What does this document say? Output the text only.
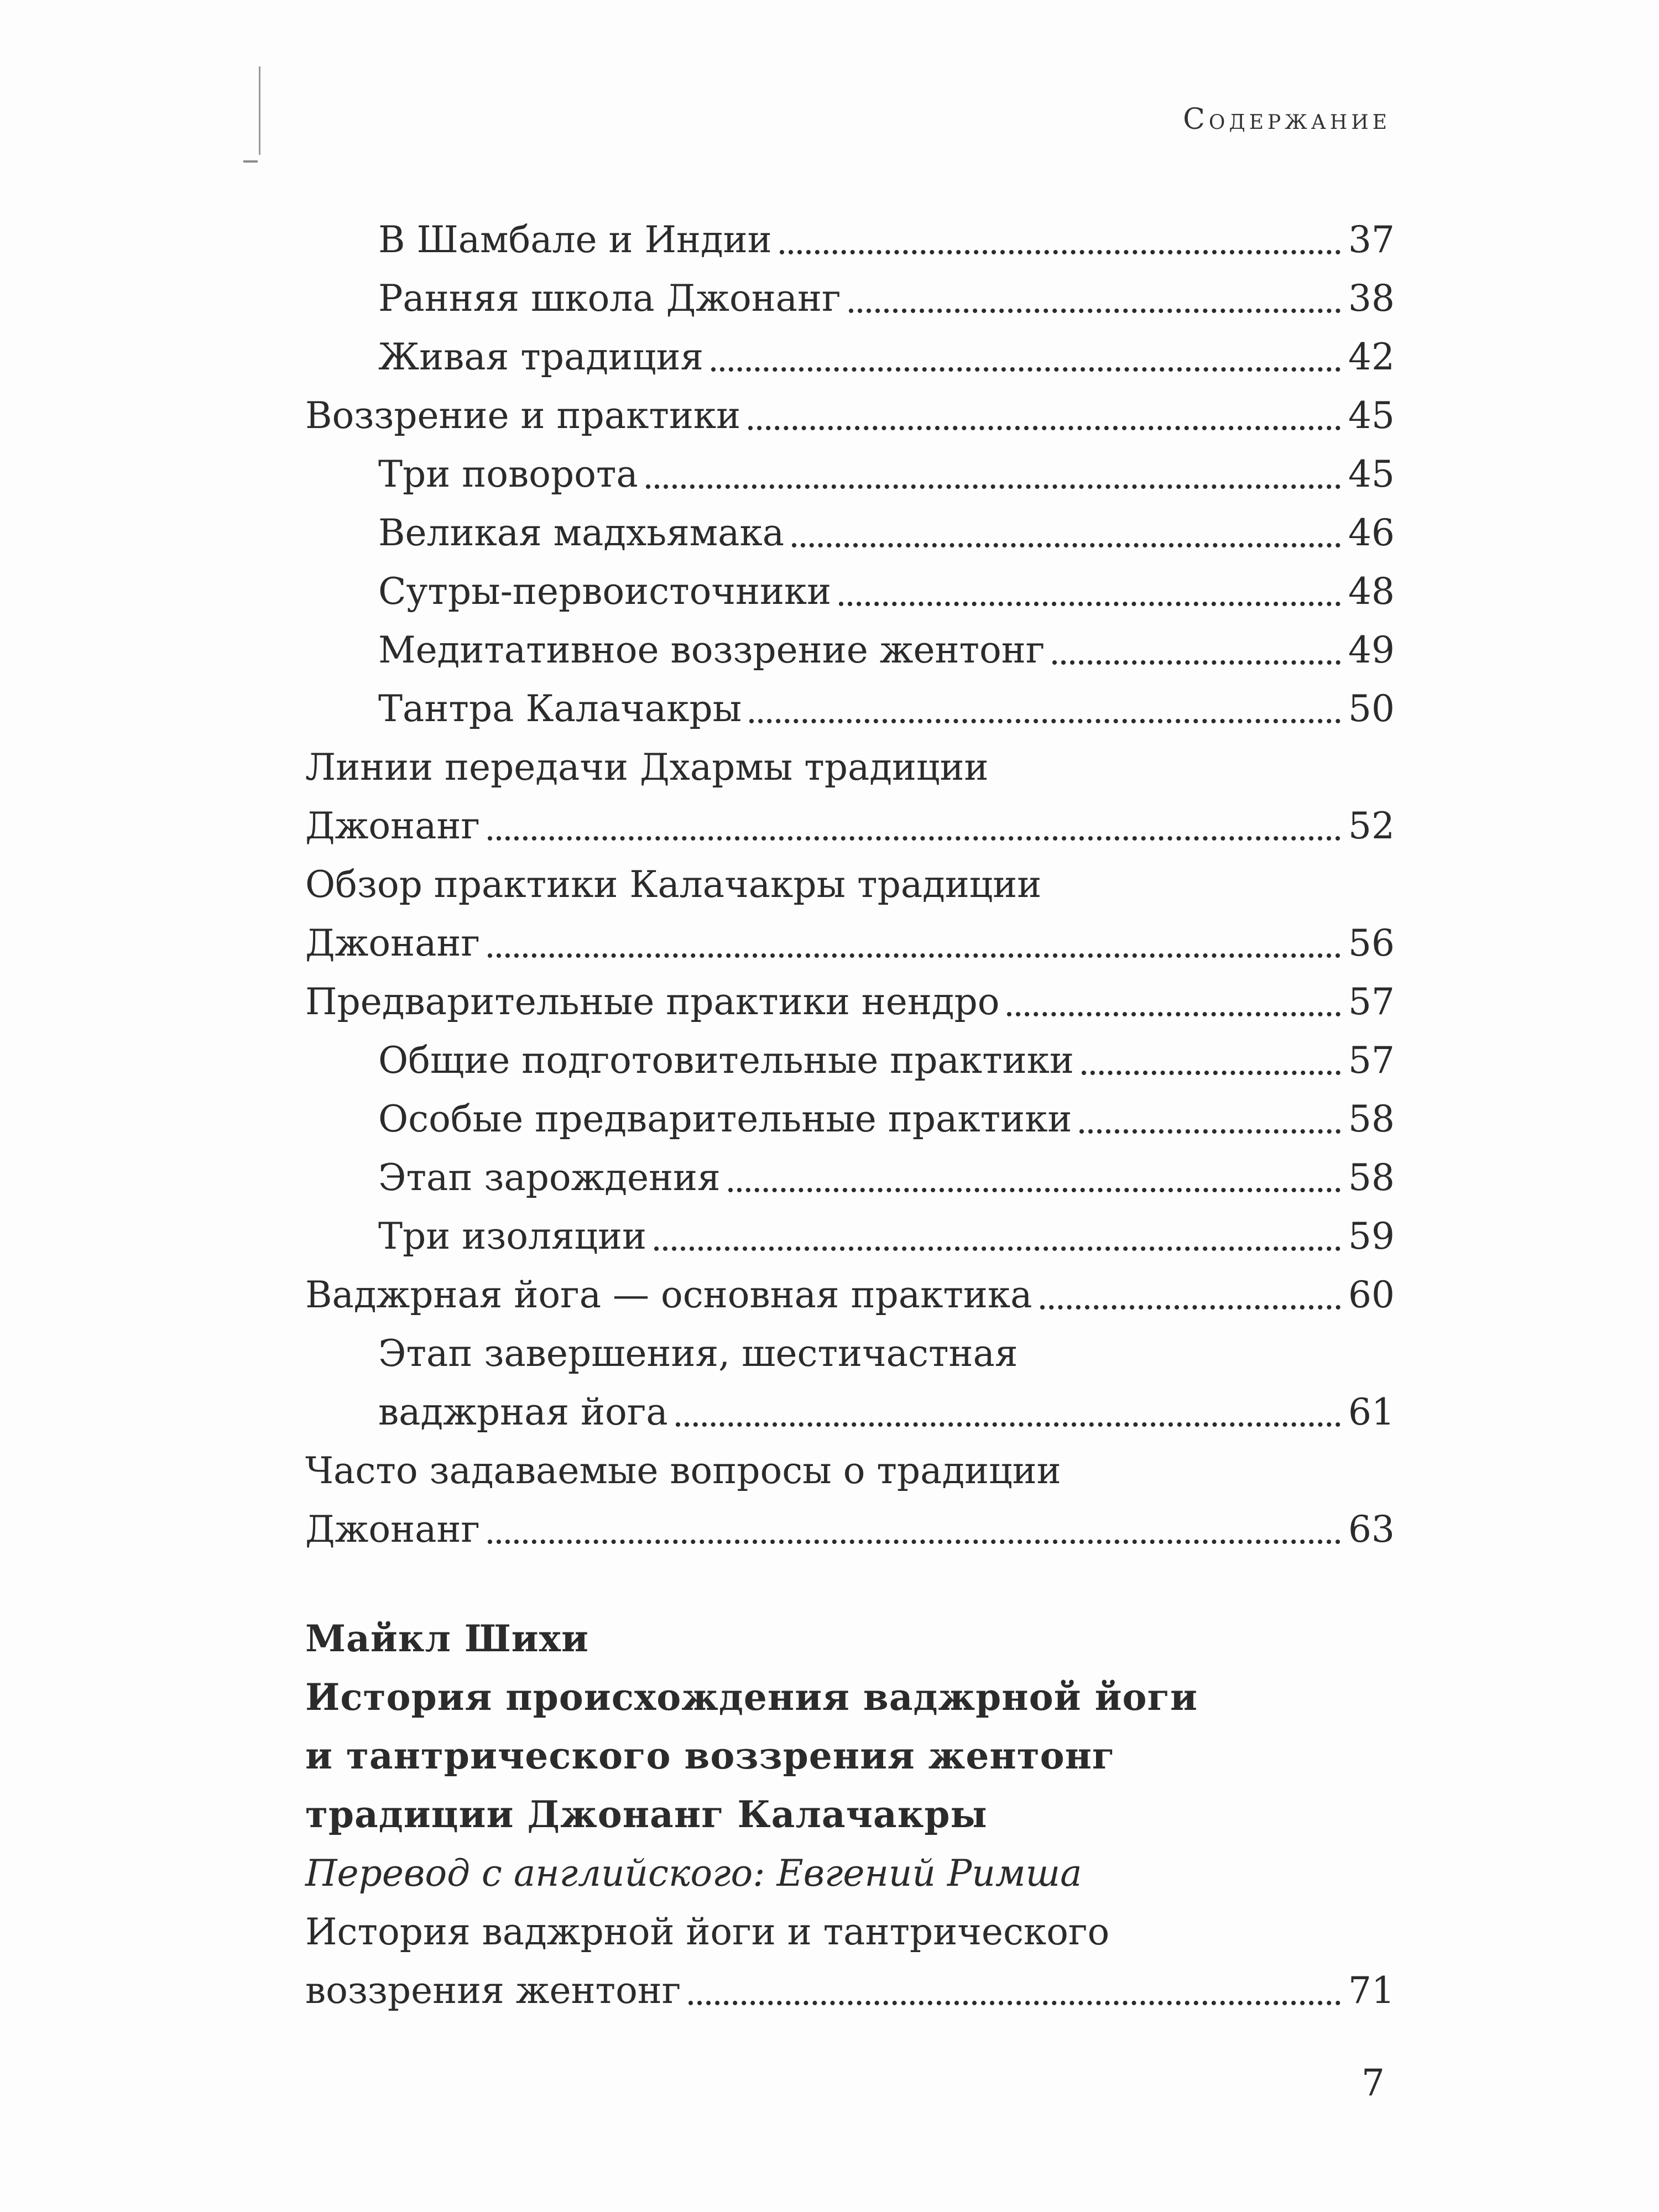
Содержание
В Шамбале и Индии	37
Ранняя школа Джонанг	38
Живая традиция	42
Воззрение и практики	45
Три поворота	45
Великая мадхьямака	46
Сутры-первоисточники	48
Медитативное воззрение жентонг	49
Тантра Калачакры	50
Линии передачи Дхармы традиции
Джонанг	52
Обзор практики Калачакры традиции
Джонанг	56
Предварительные практики нендро	57
Общие подготовительные практики	57
Особые предварительные практики	58
Этап зарождения	58
Три изоляции	59
Ваджрная йога — основная практика	60
Этап завершения, шестичастная
ваджрная йога	61
Часто задаваемые вопросы о традиции
Джонанг	63
Майкл Шихи
История происхождения ваджрной йоги
и тантрического воззрения жентонг
традиции Джонанг Калачакры
Перевод с английского: Евгений Римша
История ваджрной йоги и тантрического
воззрения жентонг	71
7
